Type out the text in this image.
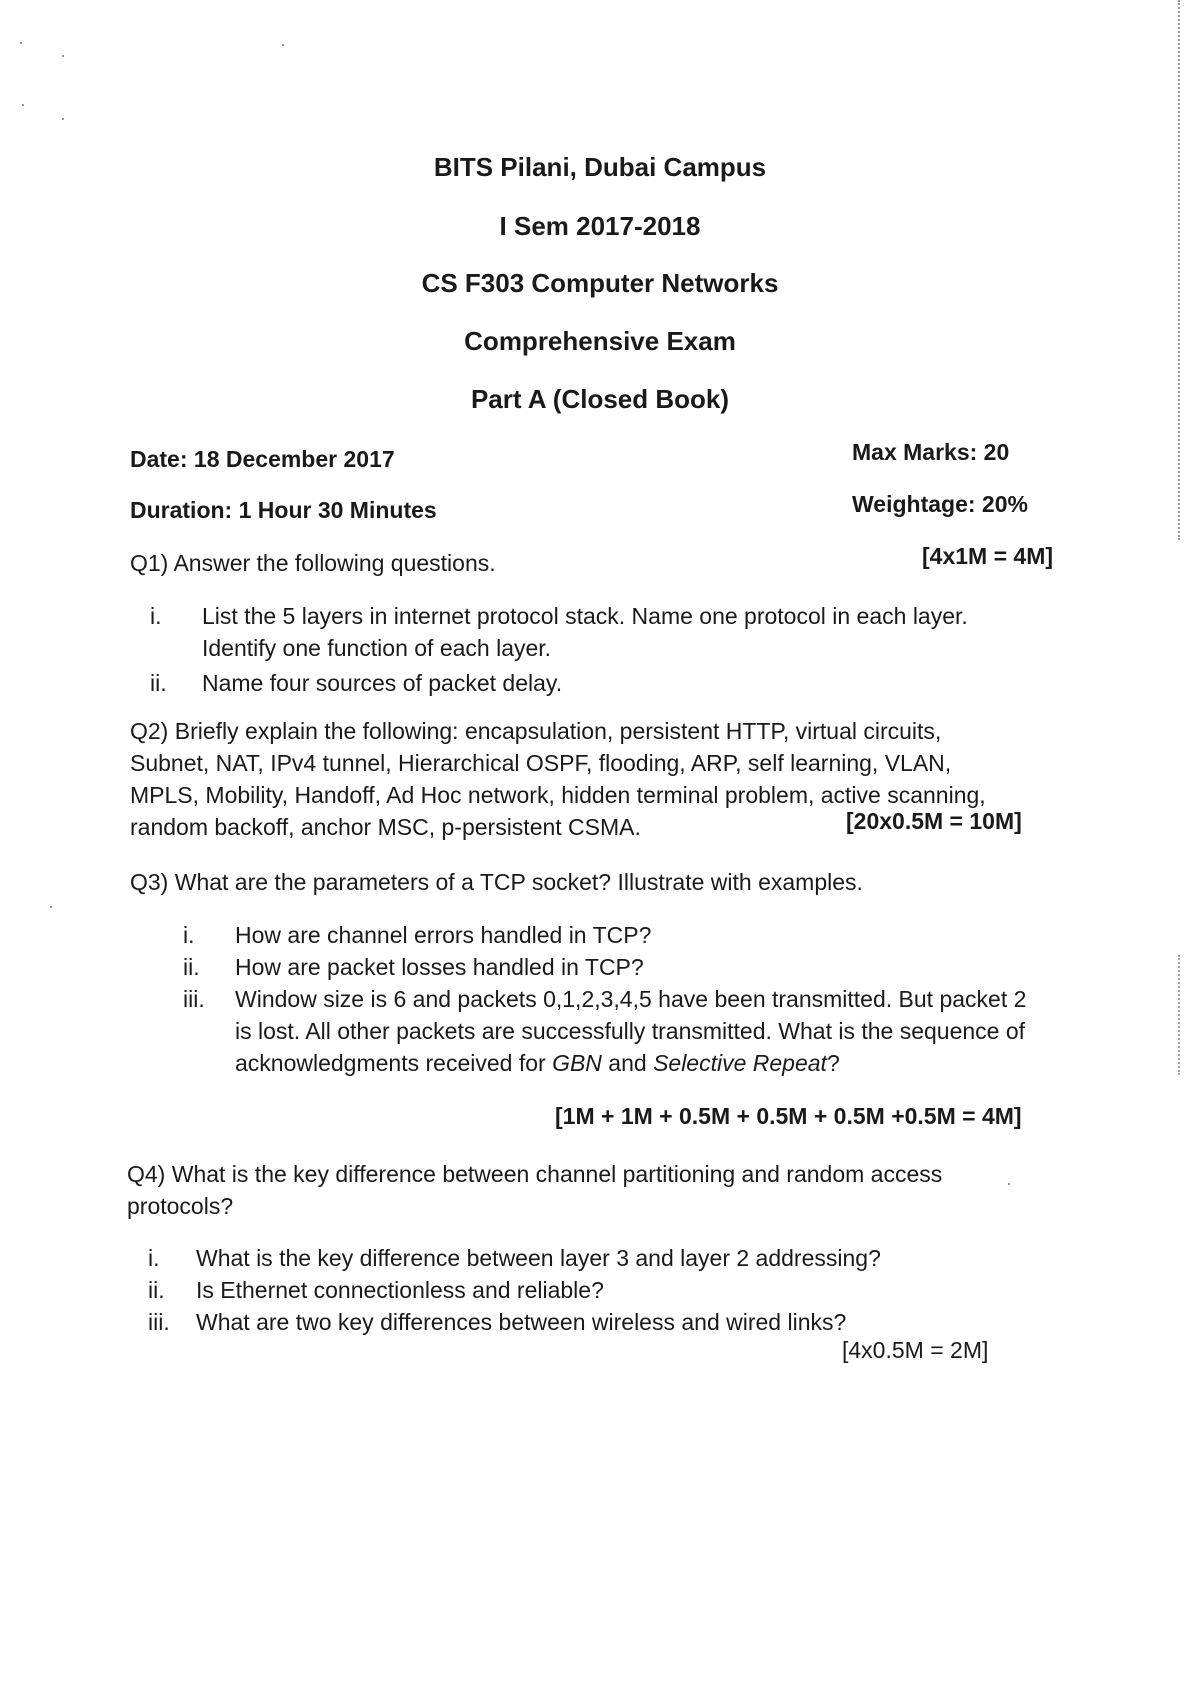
BITS Pilani, Dubai Campus
I Sem 2017-2018
CS F303 Computer Networks
Comprehensive Exam
Part A (Closed Book)
Date: 18 December 2017	Max Marks: 20
Duration: 1 Hour 30 Minutes	Weightage: 20%
Q1) Answer the following questions.	[4x1M = 4M]
i. List the 5 layers in internet protocol stack. Name one protocol in each layer.
Identify one function of each layer.
ii. Name four sources of packet delay.
Q2) Briefly explain the following: encapsulation, persistent HTTP, virtual circuits,
Subnet, NAT, IPv4 tunnel, Hierarchical OSPF, flooding, ARP, self learning, VLAN,
MPLS, Mobility, Handoff, Ad Hoc network, hidden terminal problem, active scanning,
random backoff, anchor MSC, p-persistent CSMA.	[20x0.5M = 10M]
Q3) What are the parameters of a TCP socket? Illustrate with examples.
i. How are channel errors handled in TCP?
ii. How are packet losses handled in TCP?
iii. Window size is 6 and packets 0,1,2,3,4,5 have been transmitted. But packet 2
is lost. All other packets are successfully transmitted. What is the sequence of
acknowledgments received for GBN and Selective Repeat?
[1M + 1M + 0.5M + 0.5M + 0.5M +0.5M = 4M]
Q4) What is the key difference between channel partitioning and random access
protocols?
i. What is the key difference between layer 3 and layer 2 addressing?
ii. Is Ethernet connectionless and reliable?
iii. What are two key differences between wireless and wired links?
[4x0.5M = 2M]
